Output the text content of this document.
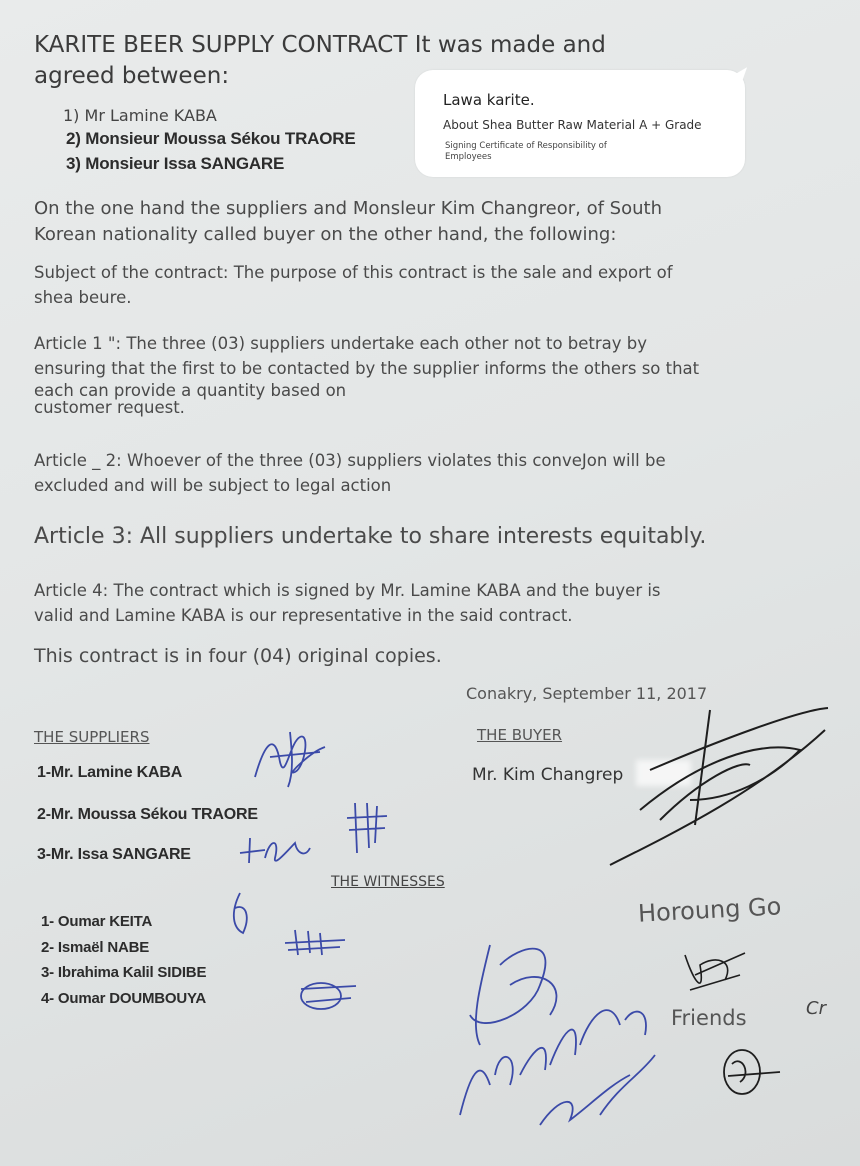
KARITE BEER SUPPLY CONTRACT It was made and
agreed between:
1) Mr Lamine KABA
2) Monsieur Moussa Sékou TRAORE
3) Monsieur Issa SANGARE
Lawa karite.
About Shea Butter Raw Material A + Grade
Signing Certificate of Responsibility of Employees
On the one hand the suppliers and Monsleur Kim Changreor, of South
Korean nationality called buyer on the other hand, the following:
Subject of the contract: The purpose of this contract is the sale and export of
shea beure.
Article 1 ": The three (03) suppliers undertake each other not to betray by
ensuring that the first to be contacted by the supplier informs the others so that
each can provide a quantity based on
customer request.
Article _ 2: Whoever of the three (03) suppliers violates this conveJon will be
excluded and will be subject to legal action
Article 3: All suppliers undertake to share interests equitably.
Article 4: The contract which is signed by Mr. Lamine KABA and the buyer is
valid and Lamine KABA is our representative in the said contract.
This contract is in four (04) original copies.
Conakry, September 11, 2017
THE SUPPLIERS
1-Mr. Lamine KABA
2-Mr. Moussa Sékou TRAORE
3-Mr. Issa SANGARE
THE BUYER
Mr. Kim Changrep
THE WITNESSES
1- Oumar KEITA
2- Ismaël NABE
3- Ibrahima Kalil SIDIBE
4- Oumar DOUMBOUYA
Horoung Go
Friends	Cr
